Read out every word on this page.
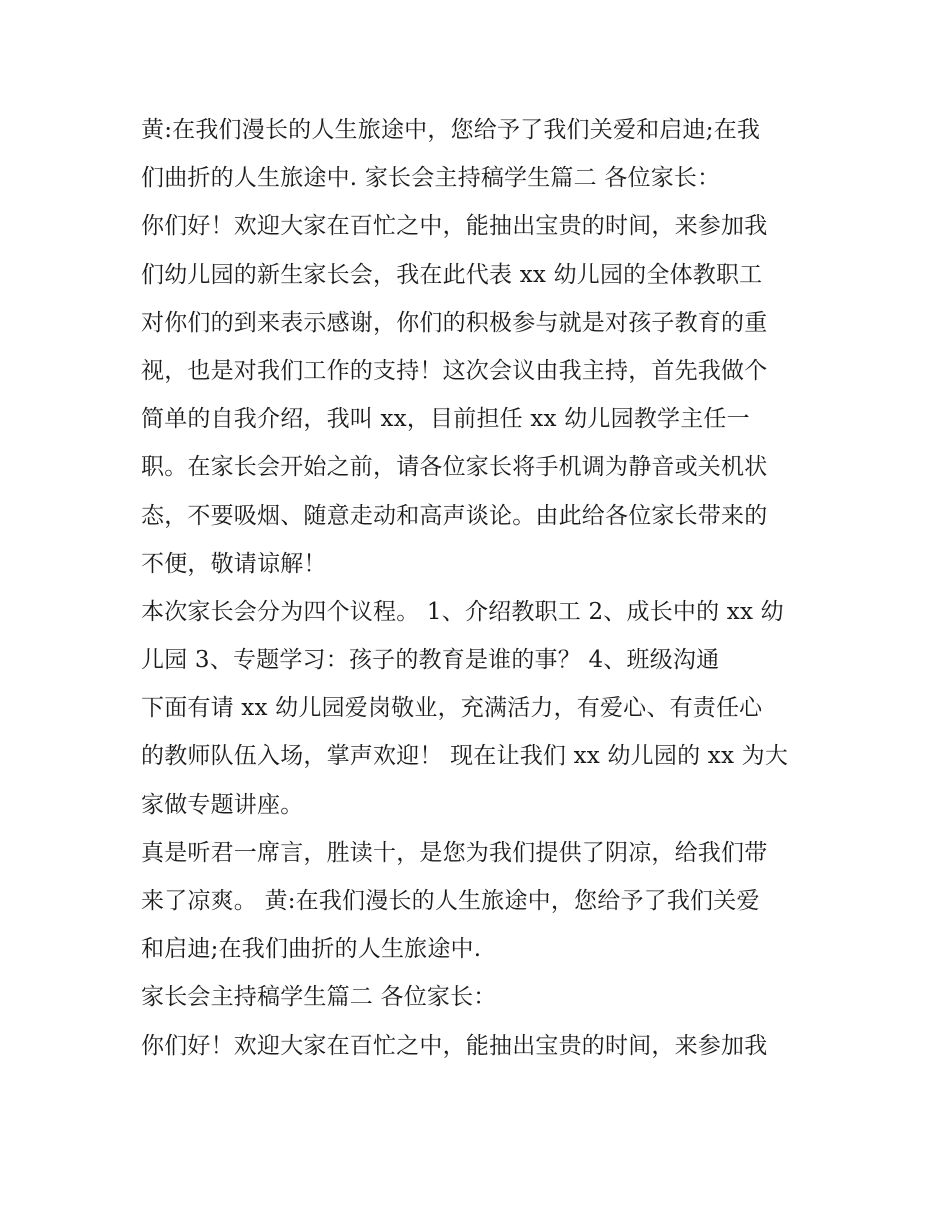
黄:在我们漫长的人生旅途中，您给予了我们关爱和启迪;在我
们曲折的人生旅途中. 家长会主持稿学生篇二 各位家长：
你们好！欢迎大家在百忙之中，能抽出宝贵的时间，来参加我
们幼儿园的新生家长会，我在此代表 xx 幼儿园的全体教职工
对你们的到来表示感谢，你们的积极参与就是对孩子教育的重
视，也是对我们工作的支持！这次会议由我主持，首先我做个
简单的自我介绍，我叫 xx，目前担任 xx 幼儿园教学主任一
职。在家长会开始之前，请各位家长将手机调为静音或关机状
态，不要吸烟、随意走动和高声谈论。由此给各位家长带来的
不便，敬请谅解！
本次家长会分为四个议程。 1、介绍教职工 2、成长中的 xx 幼
儿园 3、专题学习：孩子的教育是谁的事？ 4、班级沟通
下面有请 xx 幼儿园爱岗敬业，充满活力，有爱心、有责任心
的教师队伍入场，掌声欢迎！ 现在让我们 xx 幼儿园的 xx 为大
家做专题讲座。
真是听君一席言，胜读十，是您为我们提供了阴凉，给我们带
来了凉爽。 黄:在我们漫长的人生旅途中，您给予了我们关爱
和启迪;在我们曲折的人生旅途中.
家长会主持稿学生篇二 各位家长：
你们好！欢迎大家在百忙之中，能抽出宝贵的时间，来参加我
